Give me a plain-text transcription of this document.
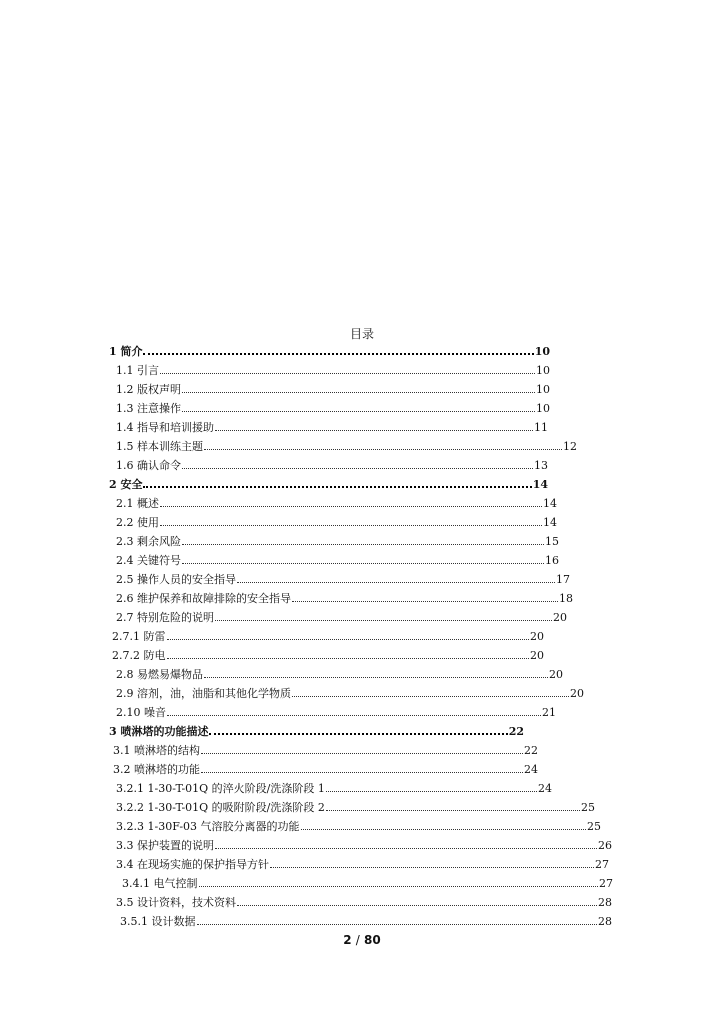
目录
1 简介	10
1.1 引言	10
1.2 版权声明	10
1.3 注意操作	10
1.4 指导和培训援助	11
1.5 样本训练主题	12
1.6 确认命令	13
2 安全	14
2.1 概述	14
2.2 使用	14
2.3 剩余风险	15
2.4 关键符号	16
2.5 操作人员的安全指导	17
2.6 维护保养和故障排除的安全指导	18
2.7 特别危险的说明	20
2.7.1 防雷	20
2.7.2 防电	20
2.8 易燃易爆物品	20
2.9 溶剂，油，油脂和其他化学物质	20
2.10 噪音	21
3 喷淋塔的功能描述	22
3.1 喷淋塔的结构	22
3.2 喷淋塔的功能	24
3.2.1 1-30-T-01Q 的淬火阶段/洗涤阶段 1	24
3.2.2 1-30-T-01Q 的吸附阶段/洗涤阶段 2	25
3.2.3 1-30F-03 气溶胶分离器的功能	25
3.3 保护装置的说明	26
3.4 在现场实施的保护指导方针	27
3.4.1 电气控制	27
3.5 设计资料，技术资料	28
3.5.1 设计数据	28
2 / 80
